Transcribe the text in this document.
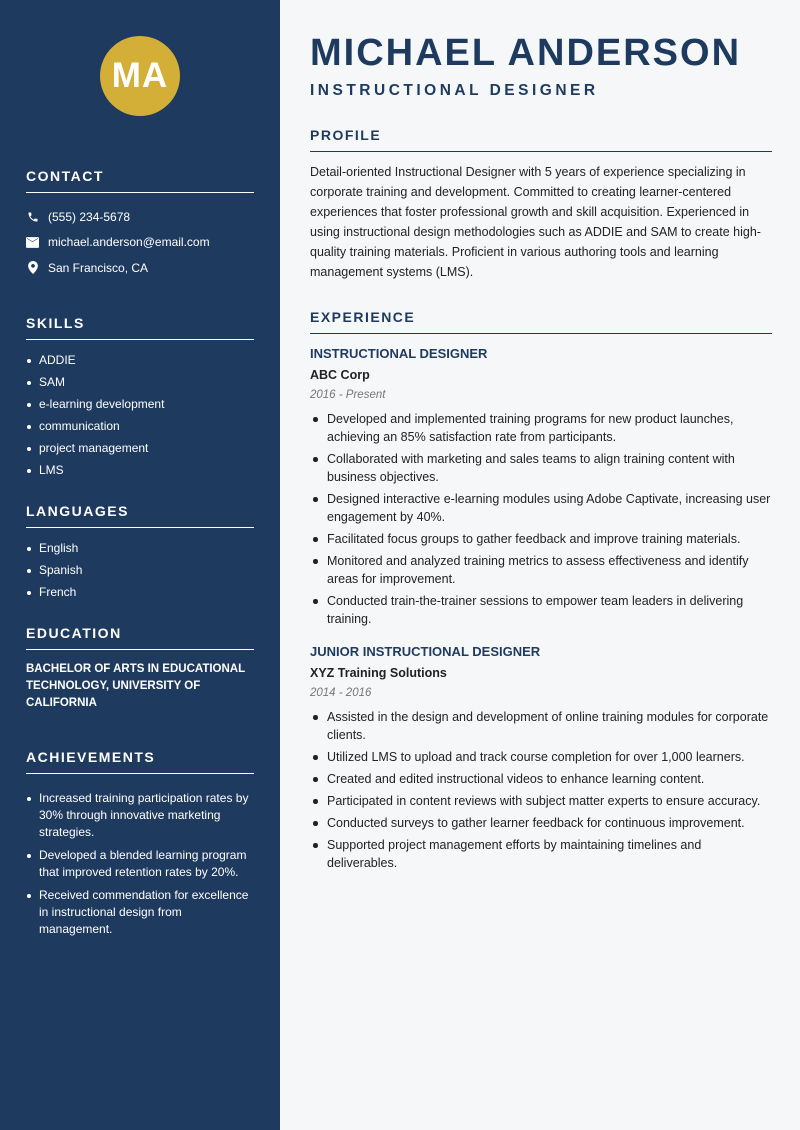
MA
CONTACT
(555) 234-5678
michael.anderson@email.com
San Francisco, CA
SKILLS
ADDIE
SAM
e-learning development
communication
project management
LMS
LANGUAGES
English
Spanish
French
EDUCATION

BACHELOR OF ARTS IN EDUCATIONAL TECHNOLOGY, UNIVERSITY OF CALIFORNIA

ACHIEVEMENTS
Increased training participation rates by 30% through innovative marketing strategies.
Developed a blended learning program that improved retention rates by 20%.
Received commendation for excellence in instructional design from management.
MICHAEL ANDERSON
INSTRUCTIONAL DESIGNER
PROFILE

Detail-oriented Instructional Designer with 5 years of experience specializing in corporate training and development. Committed to creating learner-centered experiences that foster professional growth and skill acquisition. Experienced in using instructional design methodologies such as ADDIE and SAM to create high-quality training materials. Proficient in various authoring tools and learning management systems (LMS).

EXPERIENCE
INSTRUCTIONAL DESIGNER
ABC Corp
2016 - Present
Developed and implemented training programs for new product launches, achieving an 85% satisfaction rate from participants.
Collaborated with marketing and sales teams to align training content with business objectives.
Designed interactive e-learning modules using Adobe Captivate, increasing user engagement by 40%.
Facilitated focus groups to gather feedback and improve training materials.
Monitored and analyzed training metrics to assess effectiveness and identify areas for improvement.
Conducted train-the-trainer sessions to empower team leaders in delivering training.
JUNIOR INSTRUCTIONAL DESIGNER
XYZ Training Solutions
2014 - 2016
Assisted in the design and development of online training modules for corporate clients.
Utilized LMS to upload and track course completion for over 1,000 learners.
Created and edited instructional videos to enhance learning content.
Participated in content reviews with subject matter experts to ensure accuracy.
Conducted surveys to gather learner feedback for continuous improvement.
Supported project management efforts by maintaining timelines and deliverables.
